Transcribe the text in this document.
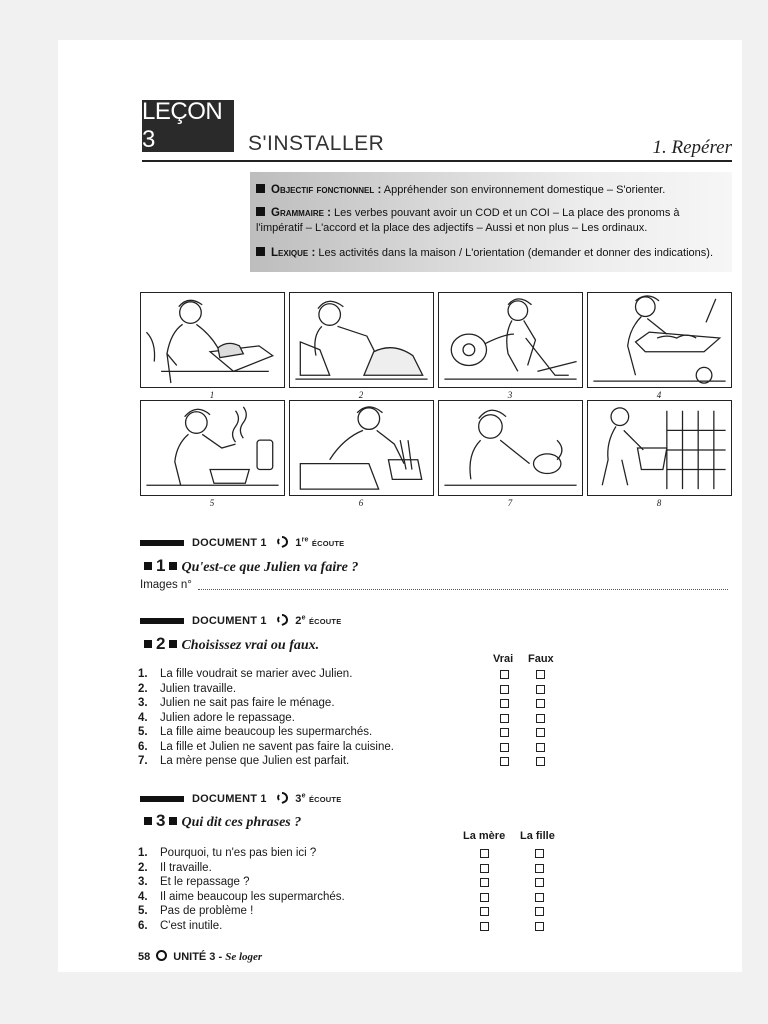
LEÇON 3	S'INSTALLER	1. Repérer
Objectif fonctionnel : Appréhender son environnement domestique – S'orienter.
Grammaire : Les verbes pouvant avoir un COD et un COI – La place des pronoms à l'impératif – L'accord et la place des adjectifs – Aussi et non plus – Les ordinaux.
Lexique : Les activités dans la maison / L'orientation (demander et donner des indications).
1	2	3	4
5	6	7	8
DOCUMENT 1	1re ÉCOUTE
1 Qu'est-ce que Julien va faire ?
Images n°
DOCUMENT 1	2e ÉCOUTE
2 Choisissez vrai ou faux.
Vrai Faux
1. La fille voudrait se marier avec Julien.
2. Julien travaille.
3. Julien ne sait pas faire le ménage.
4. Julien adore le repassage.
5. La fille aime beaucoup les supermarchés.
6. La fille et Julien ne savent pas faire la cuisine.
7. La mère pense que Julien est parfait.
DOCUMENT 1	3e ÉCOUTE
3 Qui dit ces phrases ?
La mère La fille
1. Pourquoi, tu n'es pas bien ici ?
2. Il travaille.
3. Et le repassage ?
4. Il aime beaucoup les supermarchés.
5. Pas de problème !
6. C'est inutile.
58 UNITÉ 3 - Se loger
